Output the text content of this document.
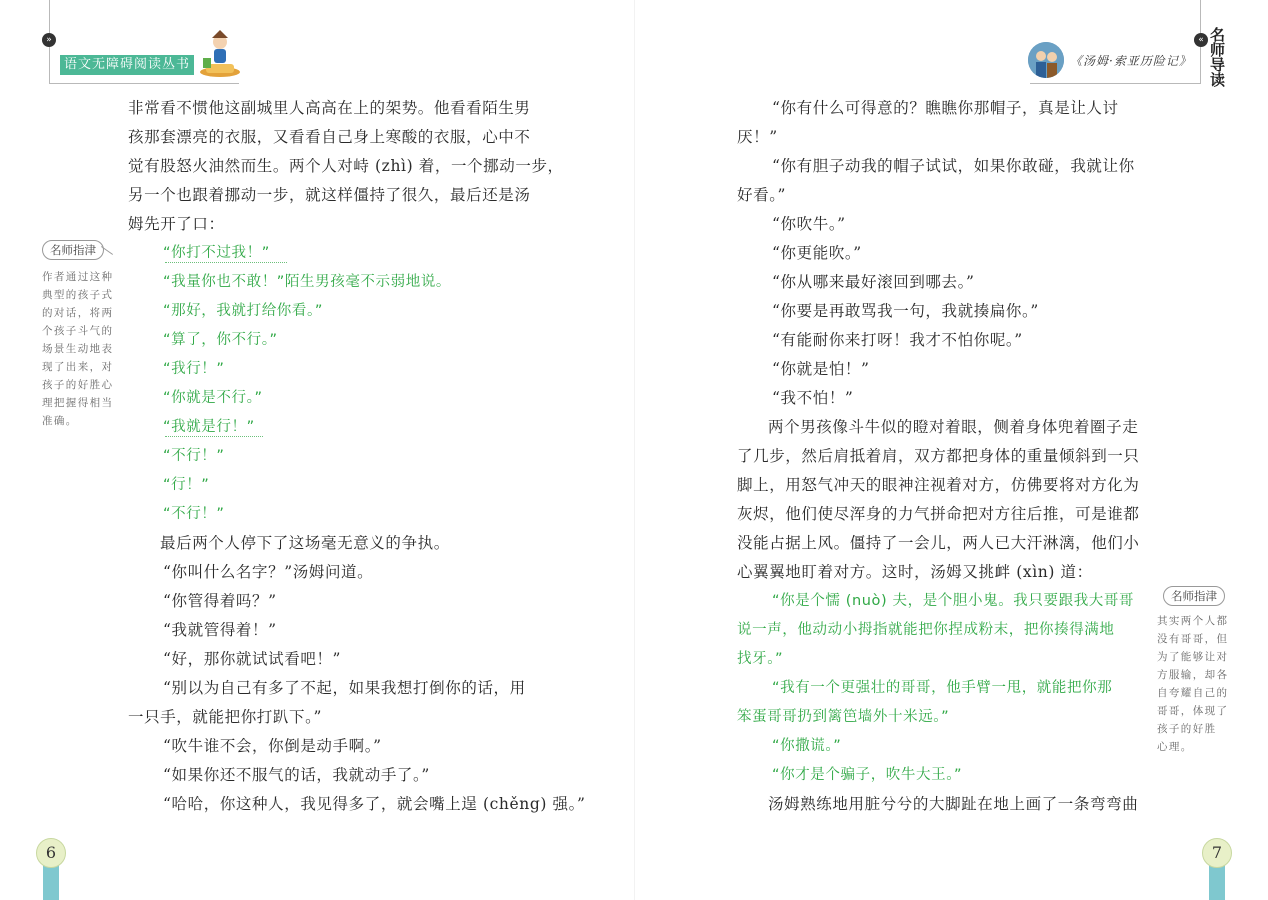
»
语文无障碍阅读丛书
«
《汤姆·索亚历险记》
名师导读
非常看不惯他这副城里人高高在上的架势。他看看陌生男
孩那套漂亮的衣服，又看看自己身上寒酸的衣服，心中不
觉有股怒火油然而生。两个人对峙 (zhì) 着，一个挪动一步，
另一个也跟着挪动一步，就这样僵持了很久，最后还是汤
姆先开了口：
“你打不过我！”
“我量你也不敢！”陌生男孩毫不示弱地说。
“那好，我就打给你看。”
“算了，你不行。”
“我行！”
“你就是不行。”
“我就是行！”
“不行！”
“行！”
“不行！”
最后两个人停下了这场毫无意义的争执。
“你叫什么名字？”汤姆问道。
“你管得着吗？”
“我就管得着！”
“好，那你就试试看吧！”
“别以为自己有多了不起，如果我想打倒你的话，用
一只手，就能把你打趴下。”
“吹牛谁不会，你倒是动手啊。”
“如果你还不服气的话，我就动手了。”
“哈哈，你这种人，我见得多了，就会嘴上逞 (chěng) 强。”
名师指津
作者通过这种
典型的孩子式
的对话，将两
个孩子斗气的
场景生动地表
现了出来，对
孩子的好胜心
理把握得相当
准确。
“你有什么可得意的？瞧瞧你那帽子，真是让人讨
厌！”
“你有胆子动我的帽子试试，如果你敢碰，我就让你
好看。”
“你吹牛。”
“你更能吹。”
“你从哪来最好滚回到哪去。”
“你要是再敢骂我一句，我就揍扁你。”
“有能耐你来打呀！我才不怕你呢。”
“你就是怕！”
“我不怕！”
两个男孩像斗牛似的瞪对着眼，侧着身体兜着圈子走
了几步，然后肩抵着肩，双方都把身体的重量倾斜到一只
脚上，用怒气冲天的眼神注视着对方，仿佛要将对方化为
灰烬，他们使尽浑身的力气拼命把对方往后推，可是谁都
没能占据上风。僵持了一会儿，两人已大汗淋漓，他们小
心翼翼地盯着对方。这时，汤姆又挑衅 (xìn) 道：
“你是个懦 (nuò) 夫，是个胆小鬼。我只要跟我大哥哥
说一声，他动动小拇指就能把你捏成粉末，把你揍得满地
找牙。”
“我有一个更强壮的哥哥，他手臂一甩，就能把你那
笨蛋哥哥扔到篱笆墙外十米远。”
“你撒谎。”
“你才是个骗子，吹牛大王。”
汤姆熟练地用脏兮兮的大脚趾在地上画了一条弯弯曲
名师指津
其实两个人都
没有哥哥，但
为了能够让对
方服输，却各
自夸耀自己的
哥哥，体现了
孩子的好胜
心理。
6	7
